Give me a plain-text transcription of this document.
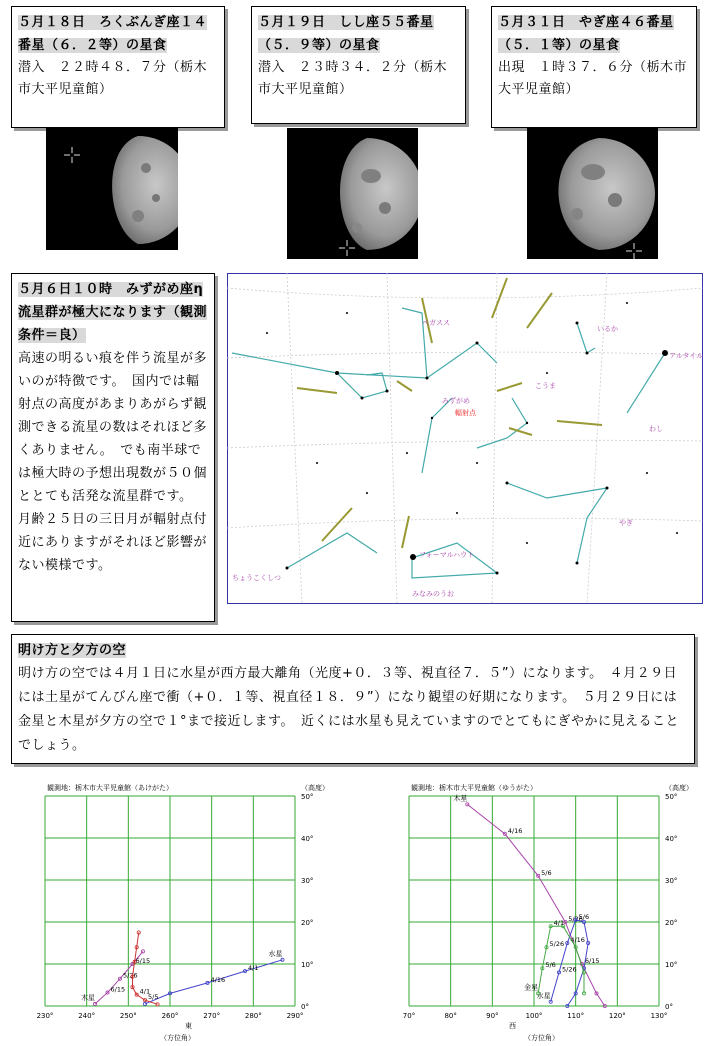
５月１８日　ろくぶんぎ座１４番星（６．２等）の星食
潜入　２２時４８．７分（栃木市大平児童館）
５月１９日　しし座５５番星（５．９等）の星食
潜入　２３時３４．２分（栃木市大平児童館）
５月３１日　やぎ座４６番星（５．１等）の星食
出現　１時３７．６分（栃木市大平児童館）
５月６日１０時　みずがめ座η流星群が極大になります（観測条件＝良）
高速の明るい痕を伴う流星が多いのが特徴です。　国内では輻射点の高度があまりあがらず観測できる流星の数はそれほど多くありません。　でも南半球では極大時の予想出現数が５０個ととても活発な流星群です。　月齢２５日の三日月が輻射点付近にありますがそれほど影響がない模様です。
ペガスス
いるか
アルタイル
こうま
みずがめ
輻射点
わし
やぎ
フォーマルハウト
ちょうこくしつ
みなみのうお
明け方と夕方の空
明け方の空では４月１日に水星が西方最大離角（光度+０．３等、視直径７．５”）になります。　４月２９日には土星がてんびん座で衝（+０．１等、視直径１８．９”）になり観望の好期になります。　５月２９日には金星と木星が夕方の空で１°まで接近します。　近くには水星も見えていますのでとてもにぎやかに見えることでしょう。
観測地：栃木市大平児童館（あけがた）	（高度）
230°	240°	250°	260°	270°	280°	290°
0°
10°
20°
30°
40°
50°
東
（方位角）
水星
4/1
4/16
木星
6/15
5/26
6/15
5/5
4/1
観測地：栃木市大平児童館（ゆうがた）	（高度）
70°	80°	90°	100°	110°	120°	130°
0°
10°
20°
30°
40°
50°
西
（方位角）
木星
4/16
5/6
5/26
6/15
水星
5/26
4/16
5/6
金星
5/6
5/26
4/1
